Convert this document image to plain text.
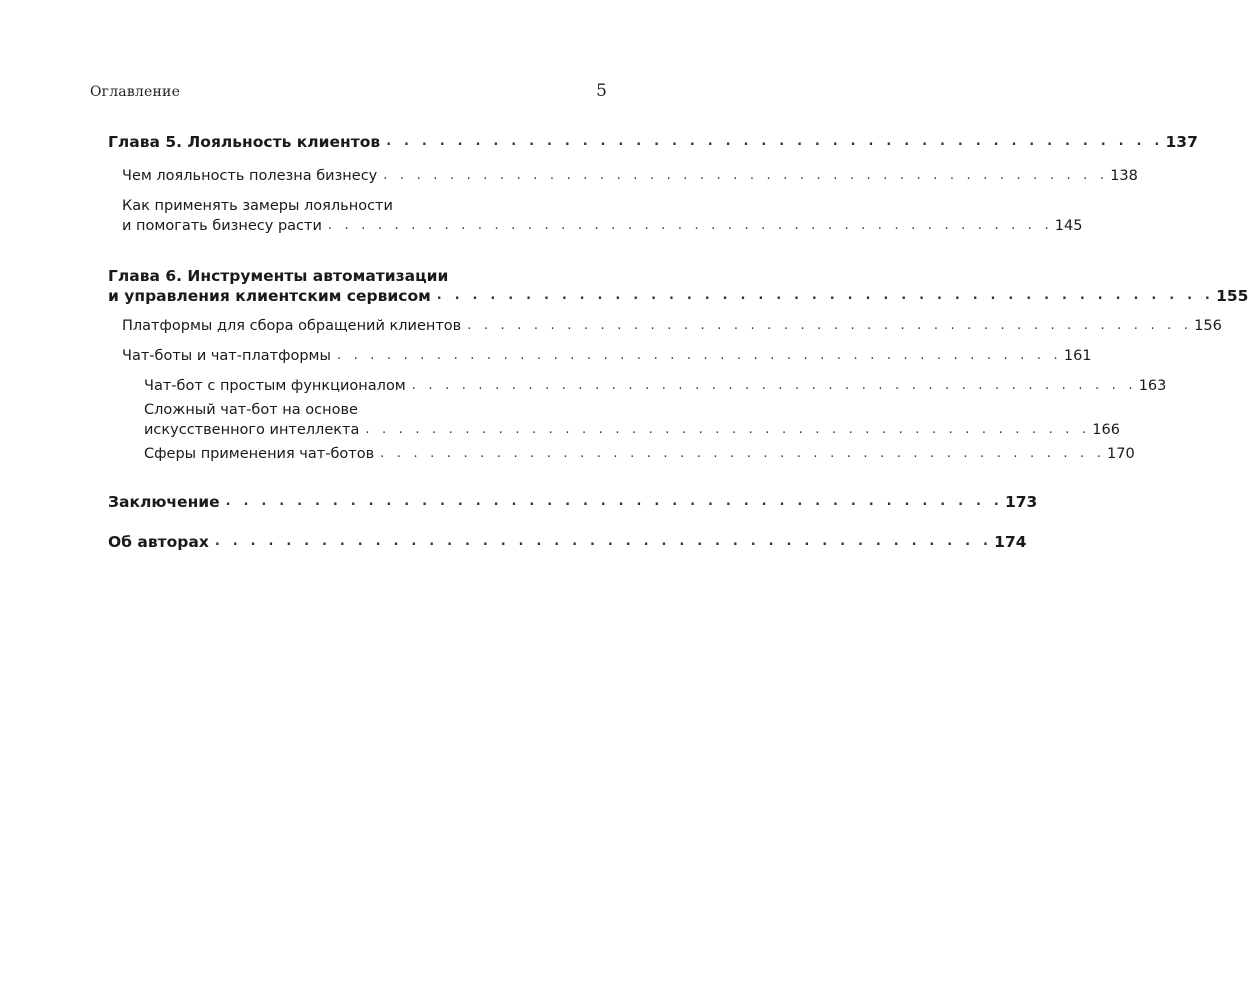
Оглавление	5
Глава 5. Лояльность клиентов . . . . . . . . . . . . . . . . . . . . . . . . . . . . . . . . . . . . . . . . . . . . 137
Чем лояльность полезна бизнесу . . . . . . . . . . . . . . . . . . . . . . . . . . . . . . . . . . . . . . . . . . . . 138
Как применять замеры лояльности
и помогать бизнесу расти . . . . . . . . . . . . . . . . . . . . . . . . . . . . . . . . . . . . . . . . . . . . 145
Глава 6. Инструменты автоматизации
и управления клиентским сервисом . . . . . . . . . . . . . . . . . . . . . . . . . . . . . . . . . . . . . . . . . . . . 155
Платформы для сбора обращений клиентов . . . . . . . . . . . . . . . . . . . . . . . . . . . . . . . . . . . . . . . . . . . . 156
Чат-боты и чат-платформы . . . . . . . . . . . . . . . . . . . . . . . . . . . . . . . . . . . . . . . . . . . . 161
Чат-бот с простым функционалом . . . . . . . . . . . . . . . . . . . . . . . . . . . . . . . . . . . . . . . . . . . . 163
Сложный чат-бот на основе
искусственного интеллекта . . . . . . . . . . . . . . . . . . . . . . . . . . . . . . . . . . . . . . . . . . . . 166
Сферы применения чат-ботов . . . . . . . . . . . . . . . . . . . . . . . . . . . . . . . . . . . . . . . . . . . . 170
Заключение . . . . . . . . . . . . . . . . . . . . . . . . . . . . . . . . . . . . . . . . . . . . 173
Об авторах . . . . . . . . . . . . . . . . . . . . . . . . . . . . . . . . . . . . . . . . . . . . 174
